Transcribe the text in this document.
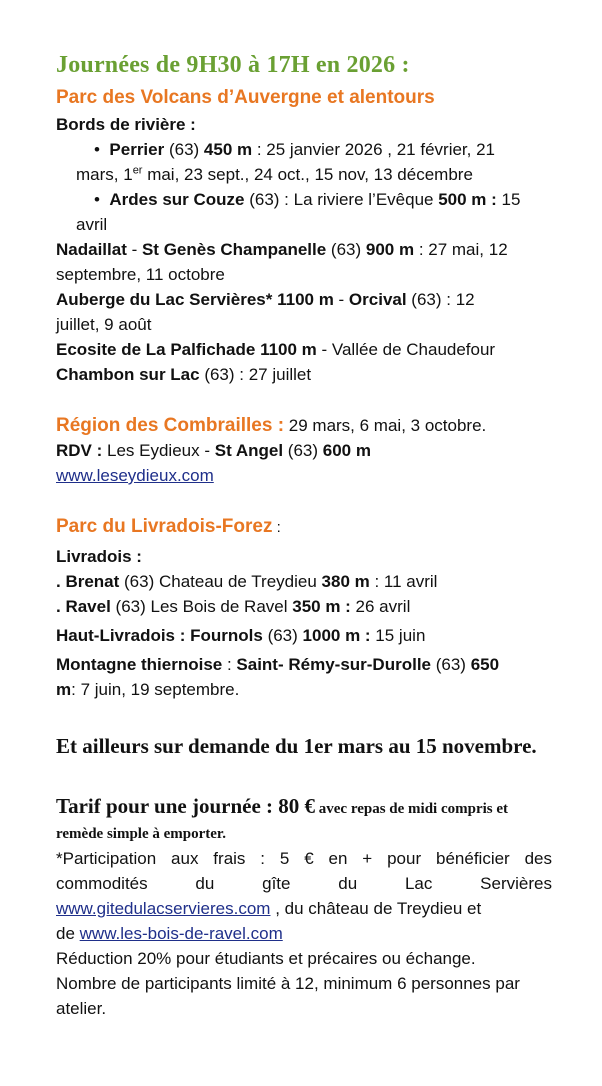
Journées de 9H30 à 17H en 2026 :

Parc des Volcans d’Auvergne et alentours

Bords de rivière :

•  Perrier (63) 450 m : 25 janvier 2026 , 21 février, 21
mars, 1er mai, 23 sept., 24 oct., 15 nov, 13 décembre

•  Ardes sur Couze (63) : La riviere l’Evêque 500 m : 15
avril

Nadaillat - St Genès Champanelle (63) 900 m : 27 mai, 12
septembre, 11 octobre

Auberge du Lac Servières* 1100 m - Orcival (63) : 12
juillet, 9 août

Ecosite de La Palfichade 1100 m - Vallée de Chaudefour

Chambon sur Lac (63) : 27 juillet

Région des Combrailles : 29 mars, 6 mai, 3 octobre.

RDV : Les Eydieux - St Angel (63) 600 m

www.leseydieux.com

Parc du Livradois-Forez :

Livradois :

. Brenat (63) Chateau de Treydieu 380 m : 11 avril

. Ravel (63) Les Bois de Ravel 350 m : 26 avril

Haut-Livradois : Fournols (63) 1000 m : 15 juin

Montagne thiernoise : Saint- Rémy-sur-Durolle (63) 650
m: 7 juin, 19 septembre.

Et ailleurs sur demande du 1er mars au 15 novembre.

Tarif pour une journée : 80 € avec repas de midi compris et remède simple à emporter.

*Participation aux frais : 5 € en + pour bénéficier des

commodités du gîte du Lac Servières

www.gitedulacservieres.com , du château de Treydieu et

de www.les-bois-de-ravel.com

Réduction 20% pour étudiants et précaires ou échange.

Nombre de participants limité à 12, minimum 6 personnes par atelier.
